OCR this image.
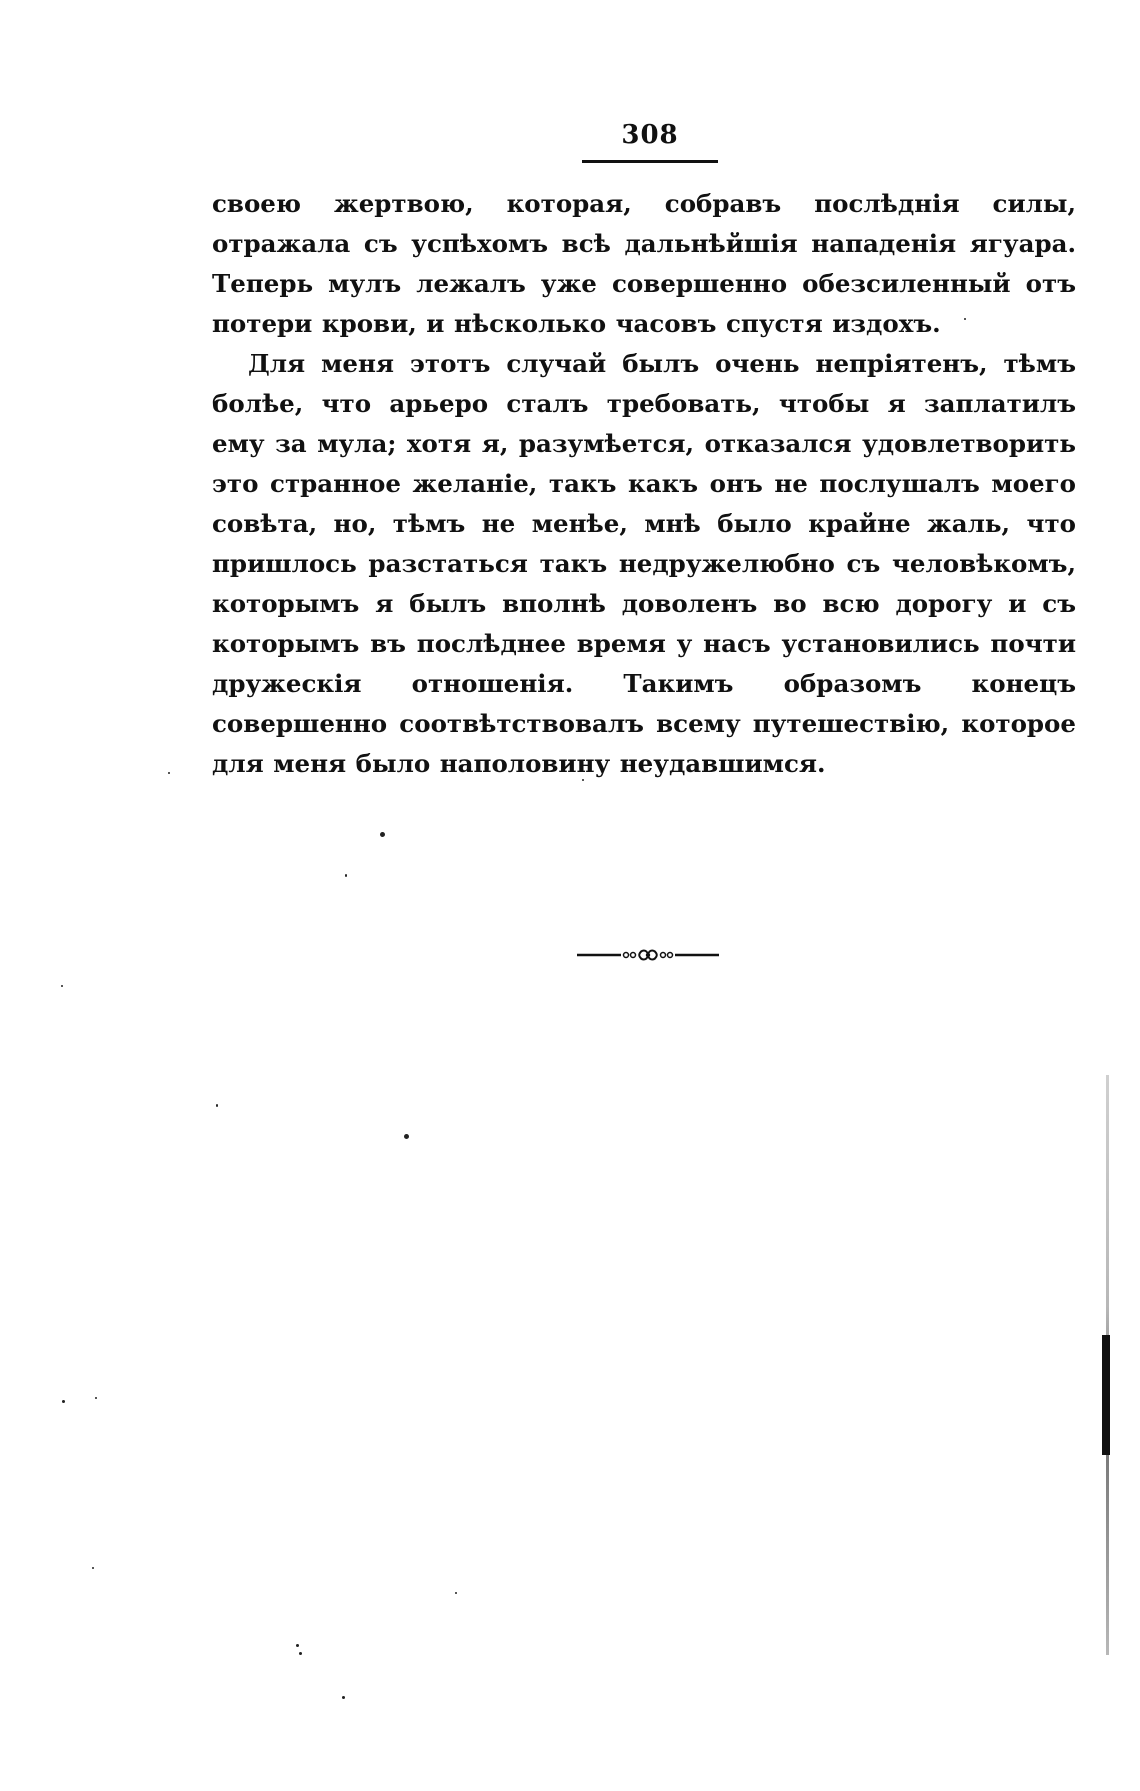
308

своею жертвою, которая, собравъ послѣднія силы, отражала съ успѣхомъ всѣ дальнѣйшія нападенія ягуара. Теперь мулъ лежалъ уже совершенно обезсиленный отъ потери крови, и нѣсколько часовъ спустя издохъ.

Для меня этотъ случай былъ очень непріятенъ, тѣмъ болѣе, что арьеро сталъ требовать, чтобы я заплатилъ ему за мула; хотя я, разумѣется, отказался удовлетворить это странное желаніе, такъ какъ онъ не послушалъ моего совѣта, но, тѣмъ не менѣе, мнѣ было крайне жаль, что пришлось разстаться такъ недружелюбно съ человѣкомъ, которымъ я былъ вполнѣ доволенъ во всю дорогу и съ которымъ въ послѣднее время у насъ установились почти дружескія отношенія. Такимъ образомъ конецъ совершенно соотвѣтствовалъ всему путешествію, которое для меня было наполовину неудавшимся.
